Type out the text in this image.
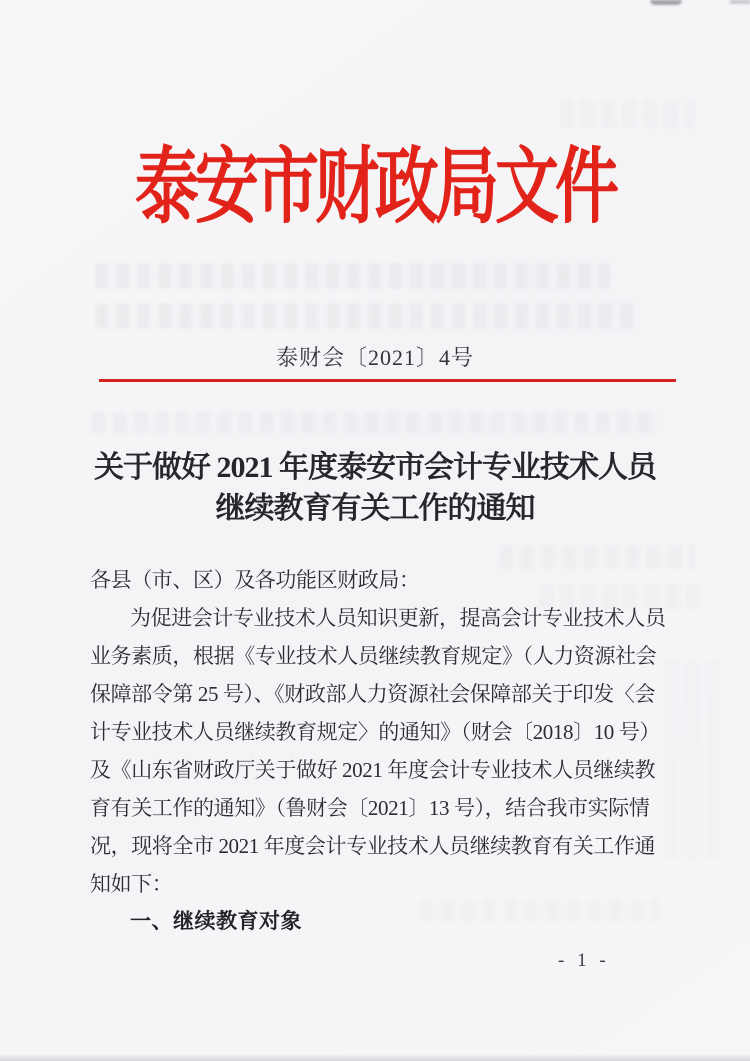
泰安市财政局文件
泰财会〔2021〕4号
关于做好 2021 年度泰安市会计专业技术人员
继续教育有关工作的通知
各县（市、区）及各功能区财政局：
为促进会计专业技术人员知识更新，提高会计专业技术人员
业务素质，根据《专业技术人员继续教育规定》（人力资源社会
保障部令第 25 号）、《财政部人力资源社会保障部关于印发〈会
计专业技术人员继续教育规定〉的通知》（财会〔2018〕10 号）
及《山东省财政厅关于做好 2021 年度会计专业技术人员继续教
育有关工作的通知》（鲁财会〔2021〕13 号），结合我市实际情
况，现将全市 2021 年度会计专业技术人员继续教育有关工作通
知如下：
一、继续教育对象
- 1 -
